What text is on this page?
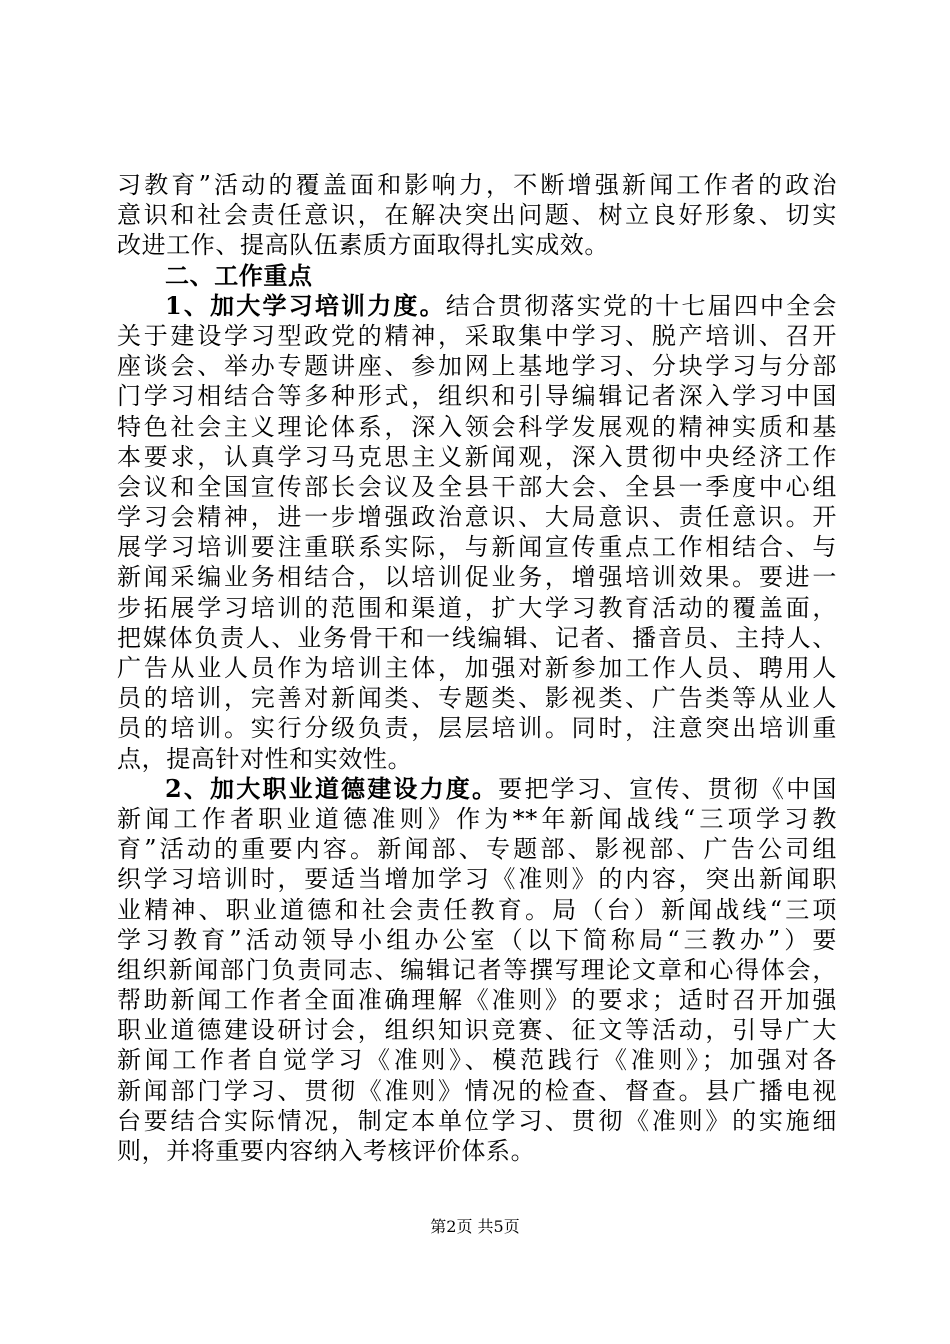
习教育”活动的覆盖面和影响力，不断增强新闻工作者的政治
意识和社会责任意识，在解决突出问题、树立良好形象、切实
改进工作、提高队伍素质方面取得扎实成效。
二、工作重点
1、加大学习培训力度。结合贯彻落实党的十七届四中全会
关于建设学习型政党的精神，采取集中学习、脱产培训、召开
座谈会、举办专题讲座、参加网上基地学习、分块学习与分部
门学习相结合等多种形式，组织和引导编辑记者深入学习中国
特色社会主义理论体系，深入领会科学发展观的精神实质和基
本要求，认真学习马克思主义新闻观，深入贯彻中央经济工作
会议和全国宣传部长会议及全县干部大会、全县一季度中心组
学习会精神，进一步增强政治意识、大局意识、责任意识。开
展学习培训要注重联系实际，与新闻宣传重点工作相结合、与
新闻采编业务相结合，以培训促业务，增强培训效果。要进一
步拓展学习培训的范围和渠道，扩大学习教育活动的覆盖面，
把媒体负责人、业务骨干和一线编辑、记者、播音员、主持人、
广告从业人员作为培训主体，加强对新参加工作人员、聘用人
员的培训，完善对新闻类、专题类、影视类、广告类等从业人
员的培训。实行分级负责，层层培训。同时，注意突出培训重
点，提高针对性和实效性。
2、加大职业道德建设力度。要把学习、宣传、贯彻《中国
新闻工作者职业道德准则》作为**年新闻战线“三项学习教
育”活动的重要内容。新闻部、专题部、影视部、广告公司组
织学习培训时，要适当增加学习《准则》的内容，突出新闻职
业精神、职业道德和社会责任教育。局（台）新闻战线“三项
学习教育”活动领导小组办公室（以下简称局“三教办”）要
组织新闻部门负责同志、编辑记者等撰写理论文章和心得体会，
帮助新闻工作者全面准确理解《准则》的要求；适时召开加强
职业道德建设研讨会，组织知识竞赛、征文等活动，引导广大
新闻工作者自觉学习《准则》、模范践行《准则》；加强对各
新闻部门学习、贯彻《准则》情况的检查、督查。县广播电视
台要结合实际情况，制定本单位学习、贯彻《准则》的实施细
则，并将重要内容纳入考核评价体系。
第2页 共5页
